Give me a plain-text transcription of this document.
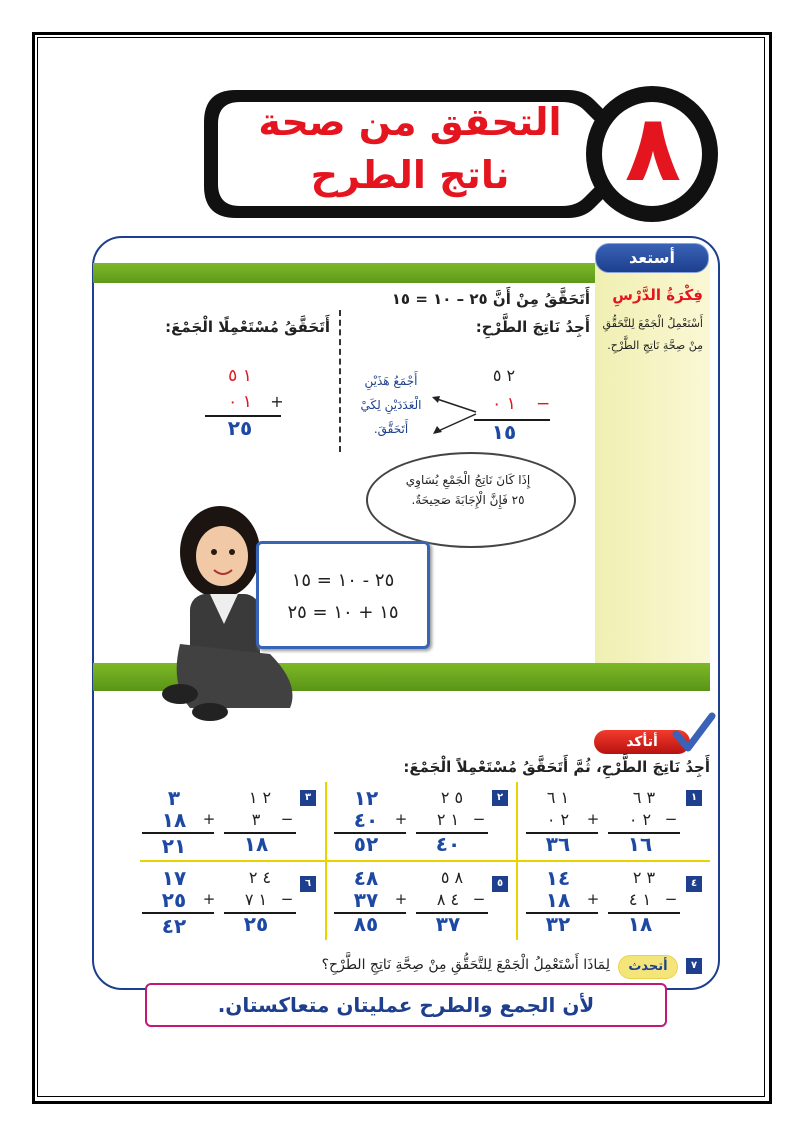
التحقق من صحة
ناتج الطرح	٨
أستعد
فِكْرَةُ الدَّرْسِ
أَسْتَعْمِلُ الْجَمْعَ لِلتَّحَقُّقِ مِنْ صِحَّةِ نَاتِجِ الطَّرْحِ.
أَتَحَقَّقُ مِنْ أَنَّ ٢٥ – ١٠ = ١٥
أَجِدُ نَاتِجَ الطَّرْحِ:
أَتَحَقَّقُ مُسْتَعْمِلًا الْجَمْعَ:
٢ ٥
−
١ ٠
١٥
أَجْمَعُ هَذَيْنِ
الْعَدَدَيْنِ لِكَيْ
أَتَحَقَّقَ.
١ ٥
١ ٠	+
٢٥
إِذَا كَانَ نَاتِجُ الْجَمْعِ يُسَاوِي
٢٥ فَإِنَّ الْإِجَابَةَ صَحِيحَةٌ.
٢٥ - ١٠ = ١٥
١٥ + ١٠ = ٢٥
أتأكد
أَجِدُ نَاتِجَ الطَّرْحِ، ثُمَّ أَتَحَقَّقُ مُسْتَعْمِلاً الْجَمْعَ:
١
٣ ٦
−
٢ ٠
١٦
١ ٦
+
٢ ٠
٣٦
٢
٥ ٢
−
١ ٢
٤٠
١٢
+
٤٠
٥٢
٣
٢ ١
−
٣
١٨
٣
+
١٨
٢١
٤
٣ ٢
−
١ ٤
١٨
١٤
+
١٨
٣٢
٥
٨ ٥
−
٤ ٨
٣٧
٤٨
+
٣٧
٨٥
٦
٤ ٢
−
١ ٧
٢٥
١٧
+
٢٥
٤٢
٧
أتحدث
لِمَاذَا أَسْتَعْمِلُ الْجَمْعَ لِلتَّحَقُّقِ مِنْ صِحَّةِ نَاتِجِ الطَّرْحِ؟
لأن الجمع والطرح عمليتان متعاكستان.
